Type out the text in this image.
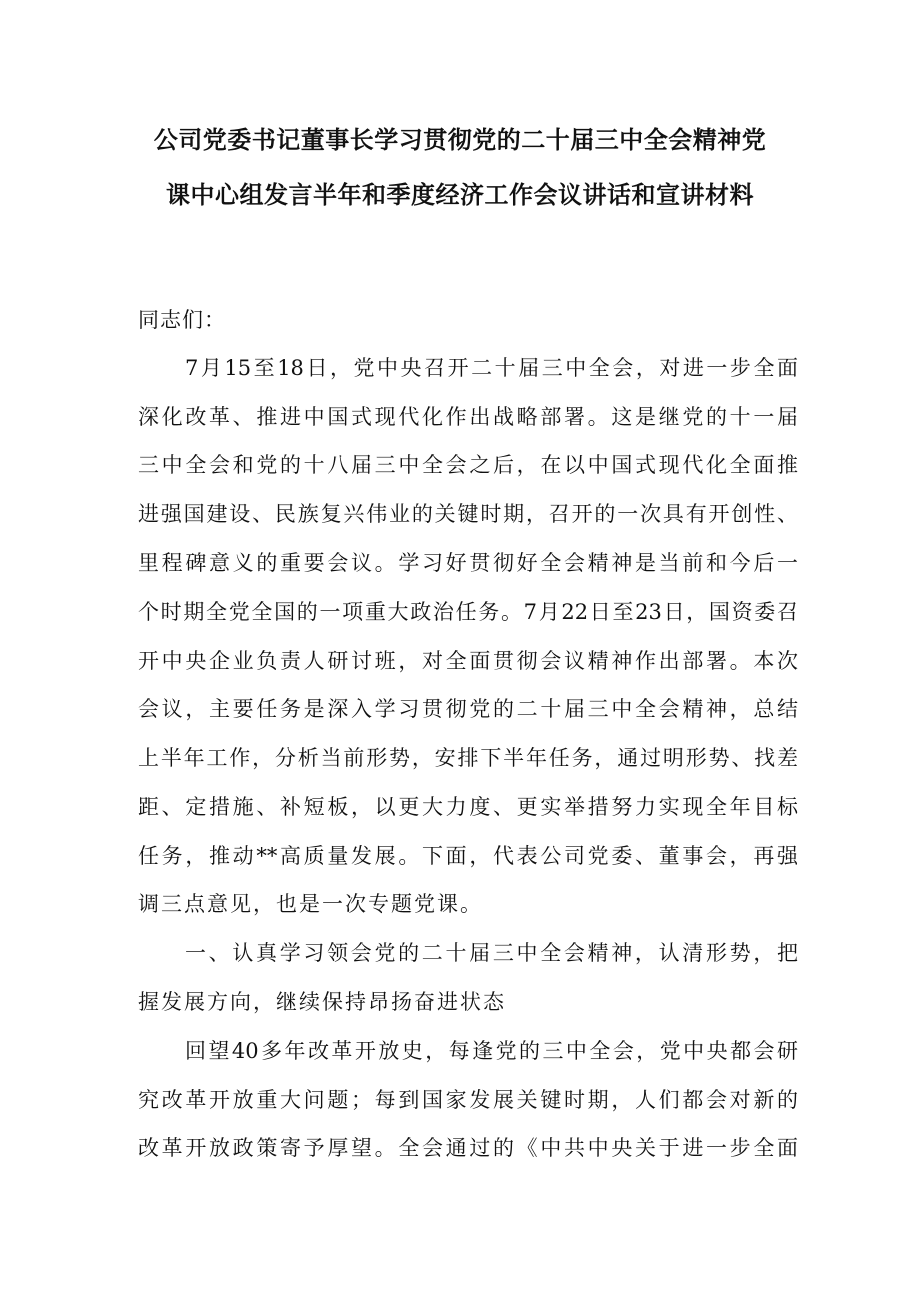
公司党委书记董事长学习贯彻党的二十届三中全会精神党
课中心组发言半年和季度经济工作会议讲话和宣讲材料
同志们：
7月15至18日，党中央召开二十届三中全会，对进一步全面
深化改革、推进中国式现代化作出战略部署。这是继党的十一届
三中全会和党的十八届三中全会之后，在以中国式现代化全面推
进强国建设、民族复兴伟业的关键时期，召开的一次具有开创性、
里程碑意义的重要会议。学习好贯彻好全会精神是当前和今后一
个时期全党全国的一项重大政治任务。7月22日至23日，国资委召
开中央企业负责人研讨班，对全面贯彻会议精神作出部署。本次
会议，主要任务是深入学习贯彻党的二十届三中全会精神，总结
上半年工作，分析当前形势，安排下半年任务，通过明形势、找差
距、定措施、补短板，以更大力度、更实举措努力实现全年目标
任务，推动**高质量发展。下面，代表公司党委、董事会，再强
调三点意见，也是一次专题党课。
一、认真学习领会党的二十届三中全会精神，认清形势，把
握发展方向，继续保持昂扬奋进状态
回望40多年改革开放史，每逢党的三中全会，党中央都会研
究改革开放重大问题；每到国家发展关键时期，人们都会对新的
改革开放政策寄予厚望。全会通过的《中共中央关于进一步全面
